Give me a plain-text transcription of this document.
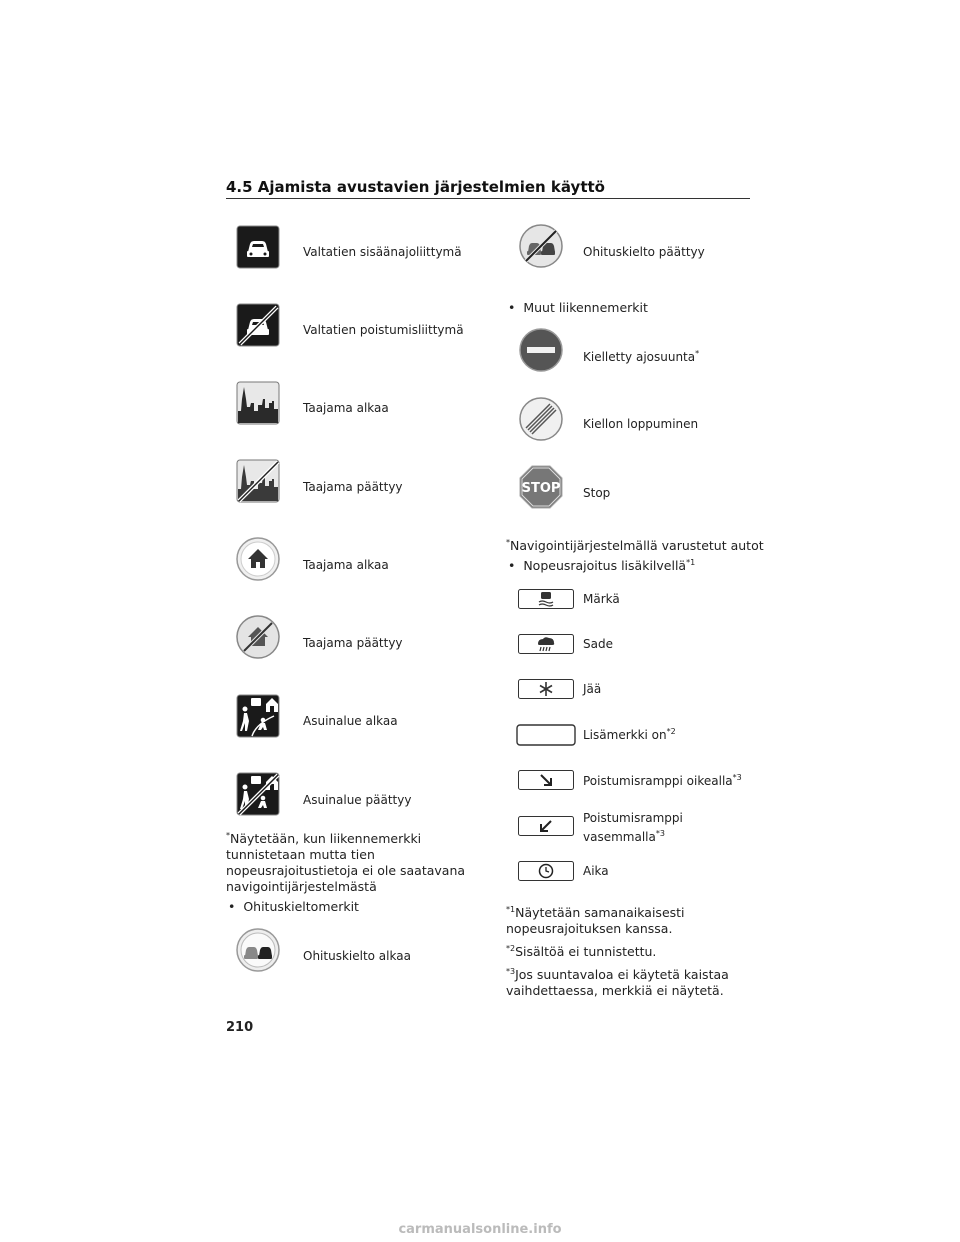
4.5 Ajamista avustavien järjestelmien käyttö
Valtatien sisäänajoliittymä
Valtatien poistumisliittymä
Taajama alkaa
Taajama päättyy
Taajama alkaa
Taajama päättyy
Asuinalue alkaa
Asuinalue päättyy
*Näytetään, kun liikennemerkki tunnistetaan mutta tien nopeusrajoitustietoja ei ole saatavana navigointijärjestelmästä
• Ohituskieltomerkit
Ohituskielto alkaa
Ohituskielto päättyy
• Muut liikennemerkit
Kielletty ajosuunta*
Kiellon loppuminen
STOP Stop
*Navigointijärjestelmällä varustetut autot
• Nopeusrajoitus lisäkilvellä$^{*1}$
Märkä
Sade
Jää
Lisämerkki $on^{*2}$
Poistumisramppi oikealla$^{*3}$
Poistumisramppi
vasemmalla$^{*3}$
Aika
$^{*1}$Näytetään samanaikaisesti nopeusrajoituksen kanssa.
$^{*2}$Sisältöä ei tunnistettu.
$^{*3}$Jos suuntavaloa ei käytetä kaistaa vaihdettaessa, merkkiä ei näytetä.
210
carmanualsonline.info
